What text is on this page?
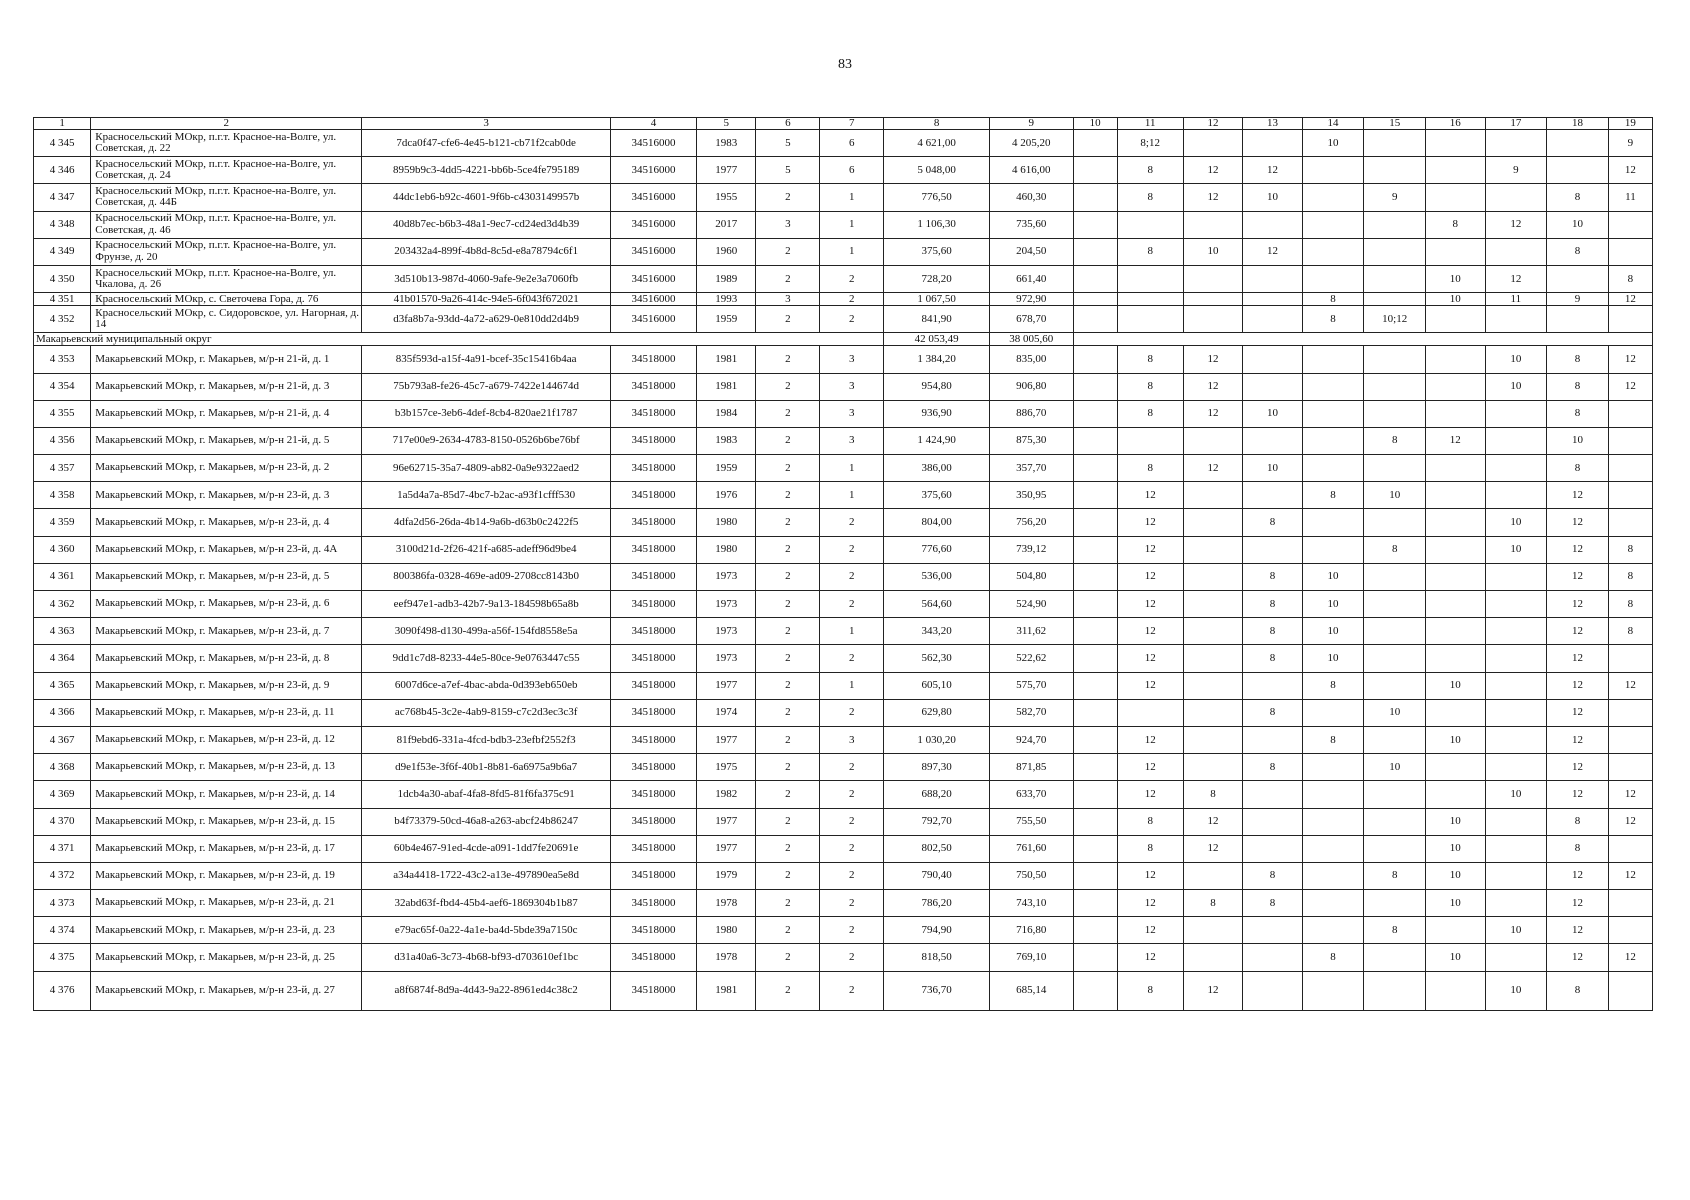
83
1	2	3	4	5	6	7	8	9	10	11	12	13	14	15	16	17	18	19
4 345	Красносельский МОкр, п.г.т. Красное-на-Волге, ул. Советская, д. 22	7dca0f47-cfe6-4e45-b121-cb71f2cab0de	34516000	1983	5	6	4 621,00	4 205,20		8;12			10					9
4 346	Красносельский МОкр, п.г.т. Красное-на-Волге, ул. Советская, д. 24	8959b9c3-4dd5-4221-bb6b-5ce4fe795189	34516000	1977	5	6	5 048,00	4 616,00		8	12	12				9		12
4 347	Красносельский МОкр, п.г.т. Красное-на-Волге, ул. Советская, д. 44Б	44dc1eb6-b92c-4601-9f6b-c4303149957b	34516000	1955	2	1	776,50	460,30		8	12	10		9			8	11
4 348	Красносельский МОкр, п.г.т. Красное-на-Волге, ул. Советская, д. 46	40d8b7ec-b6b3-48a1-9ec7-cd24ed3d4b39	34516000	2017	3	1	1 106,30	735,60							8	12	10	
4 349	Красносельский МОкр, п.г.т. Красное-на-Волге, ул. Фрунзе, д. 20	203432a4-899f-4b8d-8c5d-e8a78794c6f1	34516000	1960	2	1	375,60	204,50		8	10	12					8	
4 350	Красносельский МОкр, п.г.т. Красное-на-Волге, ул. Чкалова, д. 26	3d510b13-987d-4060-9afe-9e2e3a7060fb	34516000	1989	2	2	728,20	661,40							10	12		8
4 351	Красносельский МОкр, с. Светочева Гора, д. 76	41b01570-9a26-414c-94e5-6f043f672021	34516000	1993	3	2	1 067,50	972,90					8		10	11	9	12
4 352	Красносельский МОкр, с. Сидоровское, ул. Нагорная, д. 14	d3fa8b7a-93dd-4a72-a629-0e810dd2d4b9	34516000	1959	2	2	841,90	678,70					8	10;12				
Макарьевский муниципальный округ							42 053,49	38 005,60										
4 353	Макарьевский МОкр, г. Макарьев, м/р-н 21-й, д. 1	835f593d-a15f-4a91-bcef-35c15416b4aa	34518000	1981	2	3	1 384,20	835,00		8	12					10	8	12
4 354	Макарьевский МОкр, г. Макарьев, м/р-н 21-й, д. 3	75b793a8-fe26-45c7-a679-7422e144674d	34518000	1981	2	3	954,80	906,80		8	12					10	8	12
4 355	Макарьевский МОкр, г. Макарьев, м/р-н 21-й, д. 4	b3b157ce-3eb6-4def-8cb4-820ae21f1787	34518000	1984	2	3	936,90	886,70		8	12	10					8	
4 356	Макарьевский МОкр, г. Макарьев, м/р-н 21-й, д. 5	717e00e9-2634-4783-8150-0526b6be76bf	34518000	1983	2	3	1 424,90	875,30						8	12		10	
4 357	Макарьевский МОкр, г. Макарьев, м/р-н 23-й, д. 2	96e62715-35a7-4809-ab82-0a9e9322aed2	34518000	1959	2	1	386,00	357,70		8	12	10					8	
4 358	Макарьевский МОкр, г. Макарьев, м/р-н 23-й, д. 3	1a5d4a7a-85d7-4bc7-b2ac-a93f1cfff530	34518000	1976	2	1	375,60	350,95		12			8	10			12	
4 359	Макарьевский МОкр, г. Макарьев, м/р-н 23-й, д. 4	4dfa2d56-26da-4b14-9a6b-d63b0c2422f5	34518000	1980	2	2	804,00	756,20		12		8				10	12	
4 360	Макарьевский МОкр, г. Макарьев, м/р-н 23-й, д. 4А	3100d21d-2f26-421f-a685-adeff96d9be4	34518000	1980	2	2	776,60	739,12		12				8		10	12	8
4 361	Макарьевский МОкр, г. Макарьев, м/р-н 23-й, д. 5	800386fa-0328-469e-ad09-2708cc8143b0	34518000	1973	2	2	536,00	504,80		12		8	10				12	8
4 362	Макарьевский МОкр, г. Макарьев, м/р-н 23-й, д. 6	eef947e1-adb3-42b7-9a13-184598b65a8b	34518000	1973	2	2	564,60	524,90		12		8	10				12	8
4 363	Макарьевский МОкр, г. Макарьев, м/р-н 23-й, д. 7	3090f498-d130-499a-a56f-154fd8558e5a	34518000	1973	2	1	343,20	311,62		12		8	10				12	8
4 364	Макарьевский МОкр, г. Макарьев, м/р-н 23-й, д. 8	9dd1c7d8-8233-44e5-80ce-9e0763447c55	34518000	1973	2	2	562,30	522,62		12		8	10				12	
4 365	Макарьевский МОкр, г. Макарьев, м/р-н 23-й, д. 9	6007d6ce-a7ef-4bac-abda-0d393eb650eb	34518000	1977	2	1	605,10	575,70		12			8		10		12	12
4 366	Макарьевский МОкр, г. Макарьев, м/р-н 23-й, д. 11	ac768b45-3c2e-4ab9-8159-c7c2d3ec3c3f	34518000	1974	2	2	629,80	582,70				8		10			12	
4 367	Макарьевский МОкр, г. Макарьев, м/р-н 23-й, д. 12	81f9ebd6-331a-4fcd-bdb3-23efbf2552f3	34518000	1977	2	3	1 030,20	924,70		12			8		10		12	
4 368	Макарьевский МОкр, г. Макарьев, м/р-н 23-й, д. 13	d9e1f53e-3f6f-40b1-8b81-6a6975a9b6a7	34518000	1975	2	2	897,30	871,85		12		8		10			12	
4 369	Макарьевский МОкр, г. Макарьев, м/р-н 23-й, д. 14	1dcb4a30-abaf-4fa8-8fd5-81f6fa375c91	34518000	1982	2	2	688,20	633,70		12	8					10	12	12
4 370	Макарьевский МОкр, г. Макарьев, м/р-н 23-й, д. 15	b4f73379-50cd-46a8-a263-abcf24b86247	34518000	1977	2	2	792,70	755,50		8	12				10		8	12
4 371	Макарьевский МОкр, г. Макарьев, м/р-н 23-й, д. 17	60b4e467-91ed-4cde-a091-1dd7fe20691e	34518000	1977	2	2	802,50	761,60		8	12				10		8	
4 372	Макарьевский МОкр, г. Макарьев, м/р-н 23-й, д. 19	a34a4418-1722-43c2-a13e-497890ea5e8d	34518000	1979	2	2	790,40	750,50		12		8		8	10		12	12
4 373	Макарьевский МОкр, г. Макарьев, м/р-н 23-й, д. 21	32abd63f-fbd4-45b4-aef6-1869304b1b87	34518000	1978	2	2	786,20	743,10		12	8	8			10		12	
4 374	Макарьевский МОкр, г. Макарьев, м/р-н 23-й, д. 23	e79ac65f-0a22-4a1e-ba4d-5bde39a7150c	34518000	1980	2	2	794,90	716,80		12				8		10	12	
4 375	Макарьевский МОкр, г. Макарьев, м/р-н 23-й, д. 25	d31a40a6-3c73-4b68-bf93-d703610ef1bc	34518000	1978	2	2	818,50	769,10		12			8		10		12	12
4 376	Макарьевский МОкр, г. Макарьев, м/р-н 23-й, д. 27	a8f6874f-8d9a-4d43-9a22-8961ed4c38c2	34518000	1981	2	2	736,70	685,14		8	12					10	8	
